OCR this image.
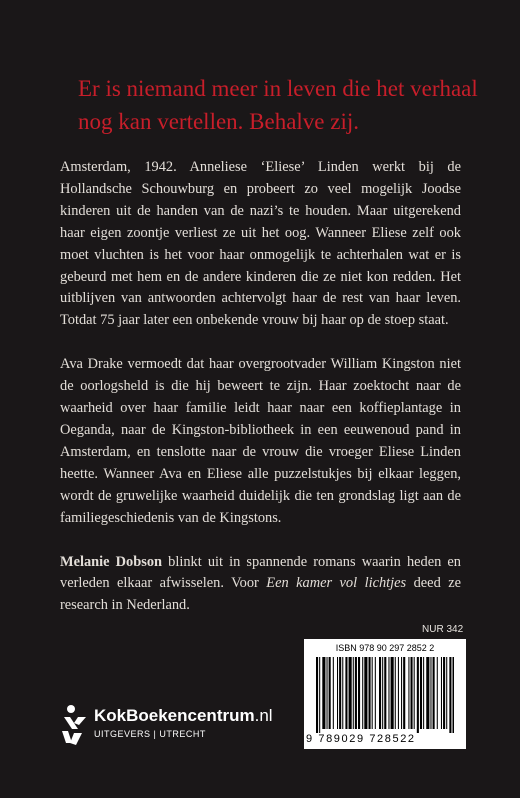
Er is niemand meer in leven die het verhaal nog kan vertellen. Behalve zij.

Amsterdam, 1942. Anneliese ‘Eliese’ Linden werkt bij de Hollandsche Schouwburg en probeert zo veel mogelijk Joodse kinderen uit de handen van de nazi’s te houden. Maar uitgerekend haar eigen zoontje verliest ze uit het oog. Wanneer Eliese zelf ook moet vluchten is het voor haar onmogelijk te achterhalen wat er is gebeurd met hem en de andere kinderen die ze niet kon redden. Het uitblijven van antwoorden achtervolgt haar de rest van haar leven. Totdat 75 jaar later een onbekende vrouw bij haar op de stoep staat.

Ava Drake vermoedt dat haar overgrootvader William Kingston niet de oorlogsheld is die hij beweert te zijn. Haar zoektocht naar de waarheid over haar familie leidt haar naar een koffieplantage in Oeganda, naar de Kingston-bibliotheek in een eeuwenoud pand in Amsterdam, en tenslotte naar de vrouw die vroeger Eliese Linden heette. Wanneer Ava en Eliese alle puzzelstukjes bij elkaar leggen, wordt de gruwelijke waarheid duidelijk die ten grondslag ligt aan de familiegeschiedenis van de Kingstons.

Melanie Dobson blinkt uit in spannende romans waarin heden en verleden elkaar afwisselen. Voor Een kamer vol lichtjes deed ze research in Nederland.

NUR 342
ISBN 978 90 297 2852 2
9 789029 728522
KokBoekencentrum.nl
UITGEVERS | UTRECHT
